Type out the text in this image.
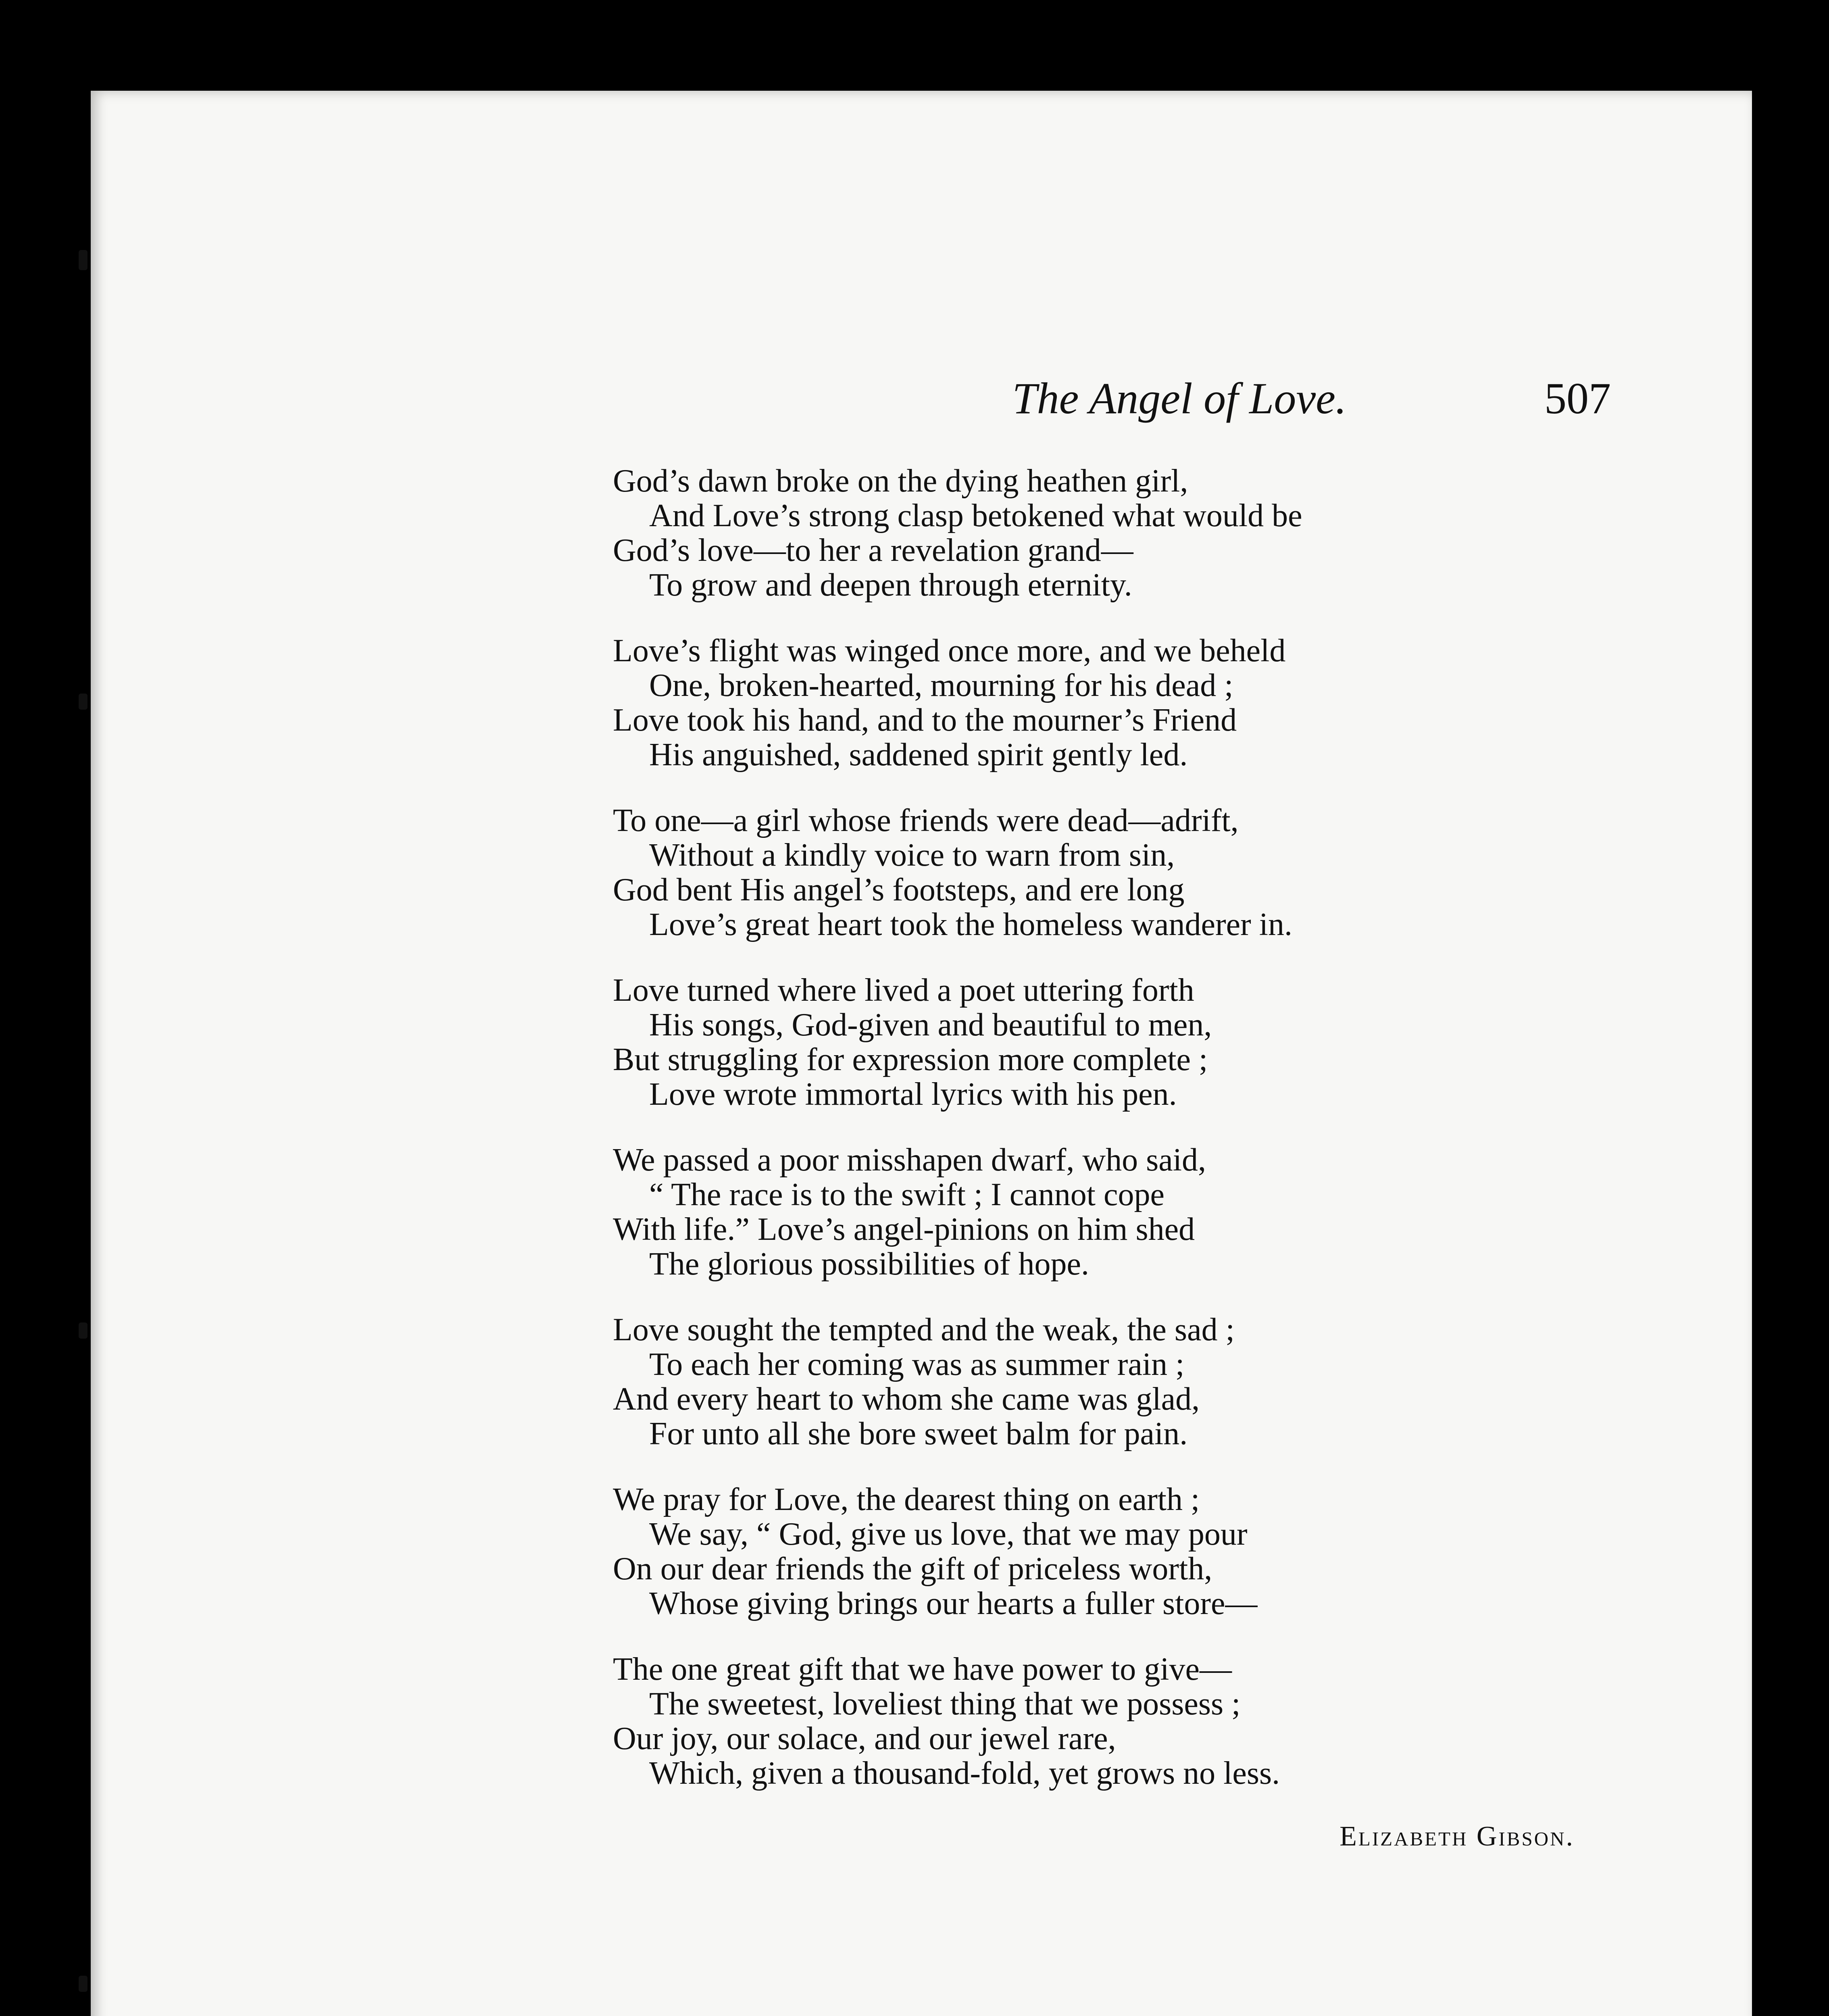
The Angel of Love.	507
God’s dawn broke on the dying heathen girl,
And Love’s strong clasp betokened what would be
God’s love—to her a revelation grand—
To grow and deepen through eternity.
Love’s flight was winged once more, and we beheld
One, broken-hearted, mourning for his dead ;
Love took his hand, and to the mourner’s Friend
His anguished, saddened spirit gently led.
To one—a girl whose friends were dead—adrift,
Without a kindly voice to warn from sin,
God bent His angel’s footsteps, and ere long
Love’s great heart took the homeless wanderer in.
Love turned where lived a poet uttering forth
His songs, God-given and beautiful to men,
But struggling for expression more complete ;
Love wrote immortal lyrics with his pen.
We passed a poor misshapen dwarf, who said,
“ The race is to the swift ; I cannot cope
With life.” Love’s angel-pinions on him shed
The glorious possibilities of hope.
Love sought the tempted and the weak, the sad ;
To each her coming was as summer rain ;
And every heart to whom she came was glad,
For unto all she bore sweet balm for pain.
We pray for Love, the dearest thing on earth ;
We say, “ God, give us love, that we may pour
On our dear friends the gift of priceless worth,
Whose giving brings our hearts a fuller store—
The one great gift that we have power to give—
The sweetest, loveliest thing that we possess ;
Our joy, our solace, and our jewel rare,
Which, given a thousand-fold, yet grows no less.
Elizabeth Gibson.
